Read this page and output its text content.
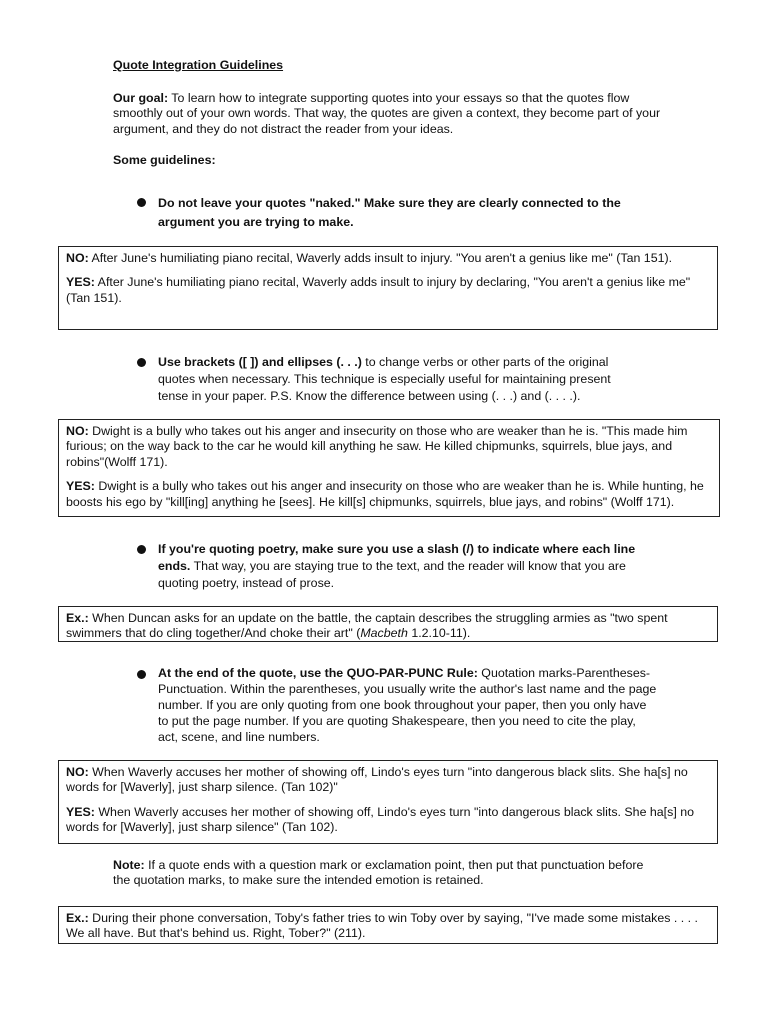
Quote Integration Guidelines
Our goal: To learn how to integrate supporting quotes into your essays so that the quotes flow smoothly out of your own words. That way, the quotes are given a context, they become part of your argument, and they do not distract the reader from your ideas.
Some guidelines:
Do not leave your quotes "naked." Make sure they are clearly connected to the argument you are trying to make.

NO: After June's humiliating piano recital, Waverly adds insult to injury. "You aren't a genius like me" (Tan 151).

YES: After June's humiliating piano recital, Waverly adds insult to injury by declaring, "You aren't a genius like me" (Tan 151).

Use brackets ([ ]) and ellipses (. . .) to change verbs or other parts of the original quotes when necessary. This technique is especially useful for maintaining present tense in your paper. P.S. Know the difference between using (. . .) and (. . . .).

NO: Dwight is a bully who takes out his anger and insecurity on those who are weaker than he is. "This made him furious; on the way back to the car he would kill anything he saw. He killed chipmunks, squirrels, blue jays, and robins"(Wolff 171).

YES: Dwight is a bully who takes out his anger and insecurity on those who are weaker than he is. While hunting, he boosts his ego by "kill[ing] anything he [sees]. He kill[s] chipmunks, squirrels, blue jays, and robins" (Wolff 171).

If you're quoting poetry, make sure you use a slash (/) to indicate where each line ends. That way, you are staying true to the text, and the reader will know that you are quoting poetry, instead of prose.

Ex.: When Duncan asks for an update on the battle, the captain describes the struggling armies as "two spent swimmers that do cling together/And choke their art" (Macbeth 1.2.10-11).

At the end of the quote, use the QUO-PAR-PUNC Rule: Quotation marks-Parentheses-Punctuation. Within the parentheses, you usually write the author's last name and the page number. If you are only quoting from one book throughout your paper, then you only have to put the page number. If you are quoting Shakespeare, then you need to cite the play, act, scene, and line numbers.

NO: When Waverly accuses her mother of showing off, Lindo's eyes turn "into dangerous black slits. She ha[s] no words for [Waverly], just sharp silence. (Tan 102)"

YES: When Waverly accuses her mother of showing off, Lindo's eyes turn "into dangerous black slits. She ha[s] no words for [Waverly], just sharp silence" (Tan 102).

Note: If a quote ends with a question mark or exclamation point, then put that punctuation before the quotation marks, to make sure the intended emotion is retained.

Ex.: During their phone conversation, Toby's father tries to win Toby over by saying, "I've made some mistakes . . . . We all have. But that's behind us. Right, Tober?" (211).
